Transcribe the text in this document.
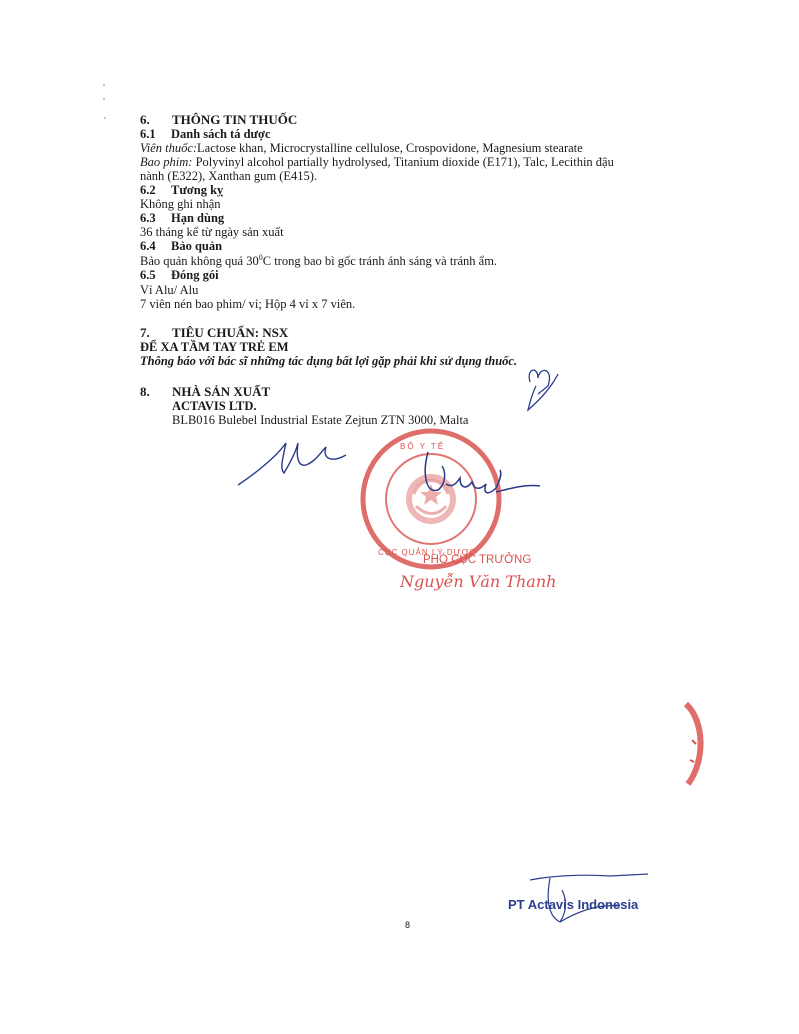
6. THÔNG TIN THUỐC
6.1 Danh sách tá dược
Viên thuốc:Lactose khan, Microcrystalline cellulose, Crospovidone, Magnesium stearate
Bao phim: Polyvinyl alcohol partially hydrolysed, Titanium dioxide (E171), Talc, Lecithin đậu
nành (E322), Xanthan gum (E415).
6.2 Tương kỵ
Không ghi nhận
6.3 Hạn dùng
36 tháng kể từ ngày sản xuất
6.4 Bảo quản
Bảo quản không quá $30^0C$ trong bao bì gốc tránh ánh sáng và tránh ẩm.
6.5 Đóng gói
Vỉ Alu/ Alu
7 viên nén bao phim/ vỉ; Hộp 4 vỉ x 7 viên.
7. TIÊU CHUẨN: NSX
ĐỂ XA TẦM TAY TRẺ EM
Thông báo với bác sĩ những tác dụng bất lợi gặp phải khi sử dụng thuốc.
8. NHÀ SẢN XUẤT
ACTAVIS LTD.
BLB016 Bulebel Industrial Estate Zejtun ZTN 3000, Malta
BỘ Y TẾ
CỤC QUẢN LÝ DƯỢC
PHÓ CỤC TRƯỞNG
Nguyễn Văn Thanh
8
PT Actavis Indonesia
